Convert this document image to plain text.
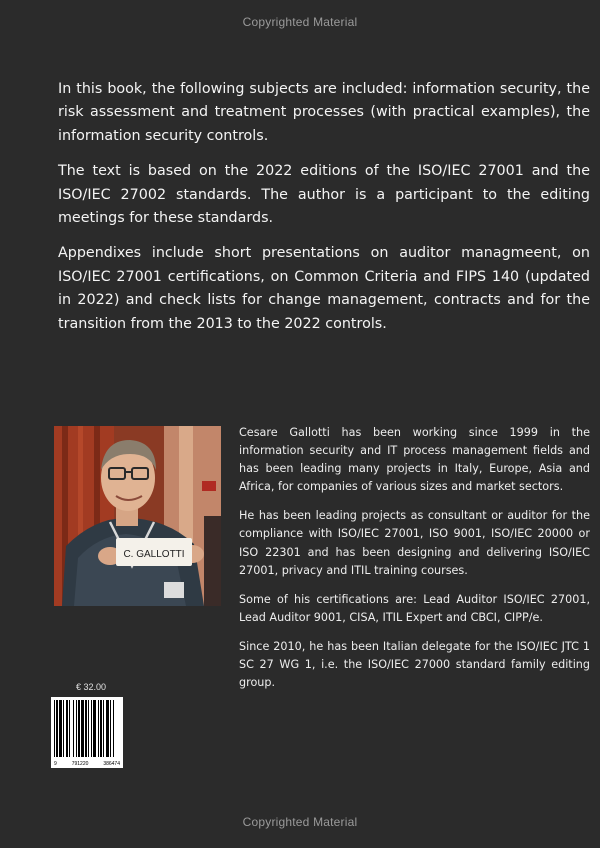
Copyrighted Material

In this book, the following subjects are included: information security, the risk assessment and treatment processes (with practical examples), the information security controls.

The text is based on the 2022 editions of the ISO/IEC 27001 and the ISO/IEC 27002 standards. The author is a participant to the editing meetings for these standards.

Appendixes include short presentations on auditor managmeent, on ISO/IEC 27001 certifications, on Common Criteria and FIPS 140 (updated in 2022) and check lists for change management, contracts and for the transition from the 2013 to the 2022 controls.

C. GALLOTTI

Cesare Gallotti has been working since 1999 in the information security and IT process management fields and has been leading many projects in Italy, Europe, Asia and Africa, for companies of various sizes and market sectors.

He has been leading projects as consultant or auditor for the compliance with ISO/IEC 27001, ISO 9001, ISO/IEC 20000 or ISO 22301 and has been designing and delivering ISO/IEC 27001, privacy and ITIL training courses.

Some of his certifications are: Lead Auditor ISO/IEC 27001, Lead Auditor 9001, CISA, ITIL Expert and CBCI, CIPP/e.

Since 2010, he has been Italian delegate for the ISO/IEC JTC 1 SC 27 WG 1, i.e. the ISO/IEC 27000 standard family editing group.

€ 32.00
9	791220	386474
Copyrighted Material
